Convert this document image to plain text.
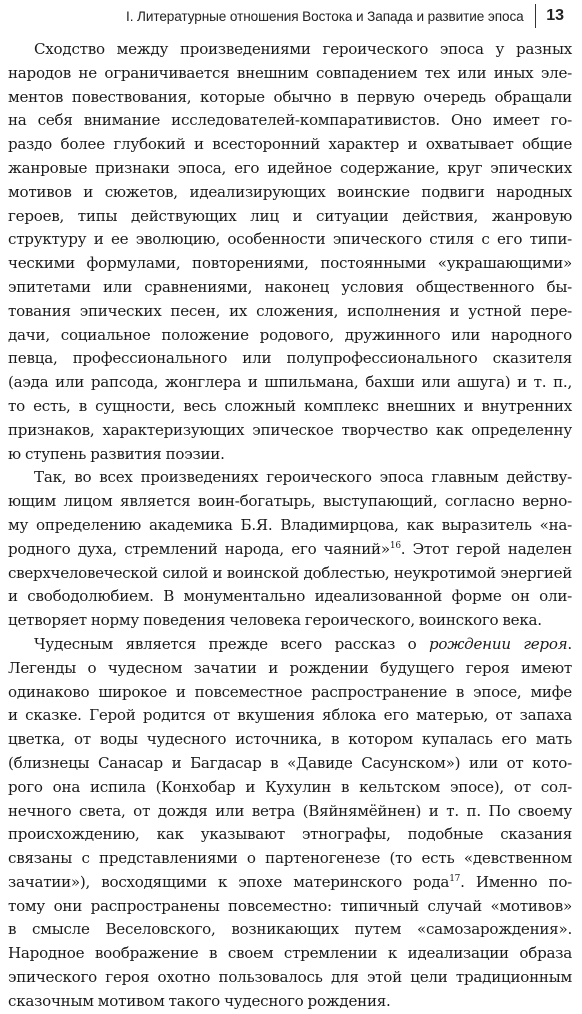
I. Литературные отношения Востока и Запада и развитие эпоса 13
Сходство между произведениями героического эпоса у разных
народов не ограничивается внешним совпадением тех или иных эле-
ментов повествования, которые обычно в первую очередь обращали
на себя внимание исследователей-компаративистов. Оно имеет го-
раздо более глубокий и всесторонний характер и охватывает общие
жанровые признаки эпоса, его идейное содержание, круг эпических
мотивов и сюжетов, идеализирующих воинские подвиги народных
героев, типы действующих лиц и ситуации действия, жанровую
структуру и ее эволюцию, особенности эпического стиля с его типи-
ческими формулами, повторениями, постоянными «украшающими»
эпитетами или сравнениями, наконец условия общественного бы-
тования эпических песен, их сложения, исполнения и устной пере-
дачи, социальное положение родового, дружинного или народного
певца, профессионального или полупрофессионального сказителя
(аэда или рапсода, жонглера и шпильмана, бахши или ашуга) и т. п.,
то есть, в сущности, весь сложный комплекс внешних и внутренних
признаков, характеризующих эпическое творчество как определенну
ю ступень развития поэзии.
Так, во всех произведениях героического эпоса главным действу-
ющим лицом является воин-богатырь, выступающий, согласно верно-
му определению академика Б.Я. Владимирцова, как выразитель «на-
родного духа, стремлений народа, его чаяний»$^{16}$. Этот герой наделен
сверхчеловеческой силой и воинской доблестью, неукротимой энергией
и свободолюбием. В монументально идеализованной форме он оли-
цетворяет норму поведения человека героического, воинского века.
Чудесным является прежде всего рассказ о рождении героя.
Легенды о чудесном зачатии и рождении будущего героя имеют
одинаково широкое и повсеместное распространение в эпосе, мифе
и сказке. Герой родится от вкушения яблока его матерью, от запаха
цветка, от воды чудесного источника, в котором купалась его мать
(близнецы Санасар и Багдасар в «Давиде Сасунском») или от кото-
рого она испила (Конхобар и Кухулин в кельтском эпосе), от сол-
нечного света, от дождя или ветра (Вяйнямёйнен) и т. п. По своему
происхождению, как указывают этнографы, подобные сказания
связаны с представлениями о партеногенезе (то есть «девственном
зачатии»), восходящими к эпохе материнского рода$^{17}$. Именно по-
тому они распространены повсеместно: типичный случай «мотивов»
в смысле Веселовского, возникающих путем «самозарождения».
Народное воображение в своем стремлении к идеализации образа
эпического героя охотно пользовалось для этой цели традиционным
сказочным мотивом такого чудесного рождения.
